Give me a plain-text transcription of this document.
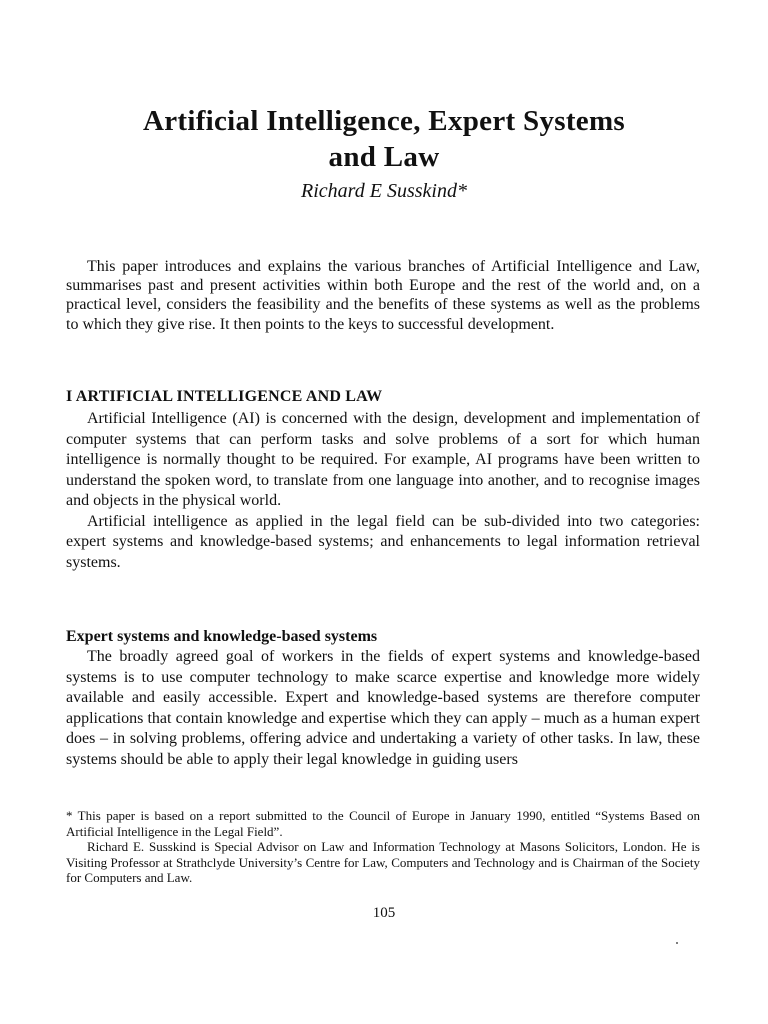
Artificial Intelligence, Expert Systems
and Law

Richard E Susskind*

This paper introduces and explains the various branches of Artificial Intelligence and Law, summarises past and present activities within both Europe and the rest of the world and, on a practical level, considers the feasibility and the benefits of these systems as well as the problems to which they give rise. It then points to the keys to successful development.

I ARTIFICIAL INTELLIGENCE AND LAW

Artificial Intelligence (AI) is concerned with the design, development and implementation of computer systems that can perform tasks and solve problems of a sort for which human intelligence is normally thought to be required. For example, AI programs have been written to understand the spoken word, to translate from one language into another, and to recognise images and objects in the physical world.

Artificial intelligence as applied in the legal field can be sub-divided into two categories: expert systems and knowledge-based systems; and enhancements to legal information retrieval systems.

Expert systems and knowledge-based systems

The broadly agreed goal of workers in the fields of expert systems and knowledge-based systems is to use computer technology to make scarce expertise and knowledge more widely available and easily accessible. Expert and knowledge-based systems are therefore computer applications that contain knowledge and expertise which they can apply – much as a human expert does – in solving problems, offering advice and undertaking a variety of other tasks. In law, these systems should be able to apply their legal knowledge in guiding users

* This paper is based on a report submitted to the Council of Europe in January 1990, entitled “Systems Based on Artificial Intelligence in the Legal Field”.

Richard E. Susskind is Special Advisor on Law and Information Technology at Masons Solicitors, London. He is Visiting Professor at Strathclyde University’s Centre for Law, Computers and Technology and is Chairman of the Society for Computers and Law.

105
